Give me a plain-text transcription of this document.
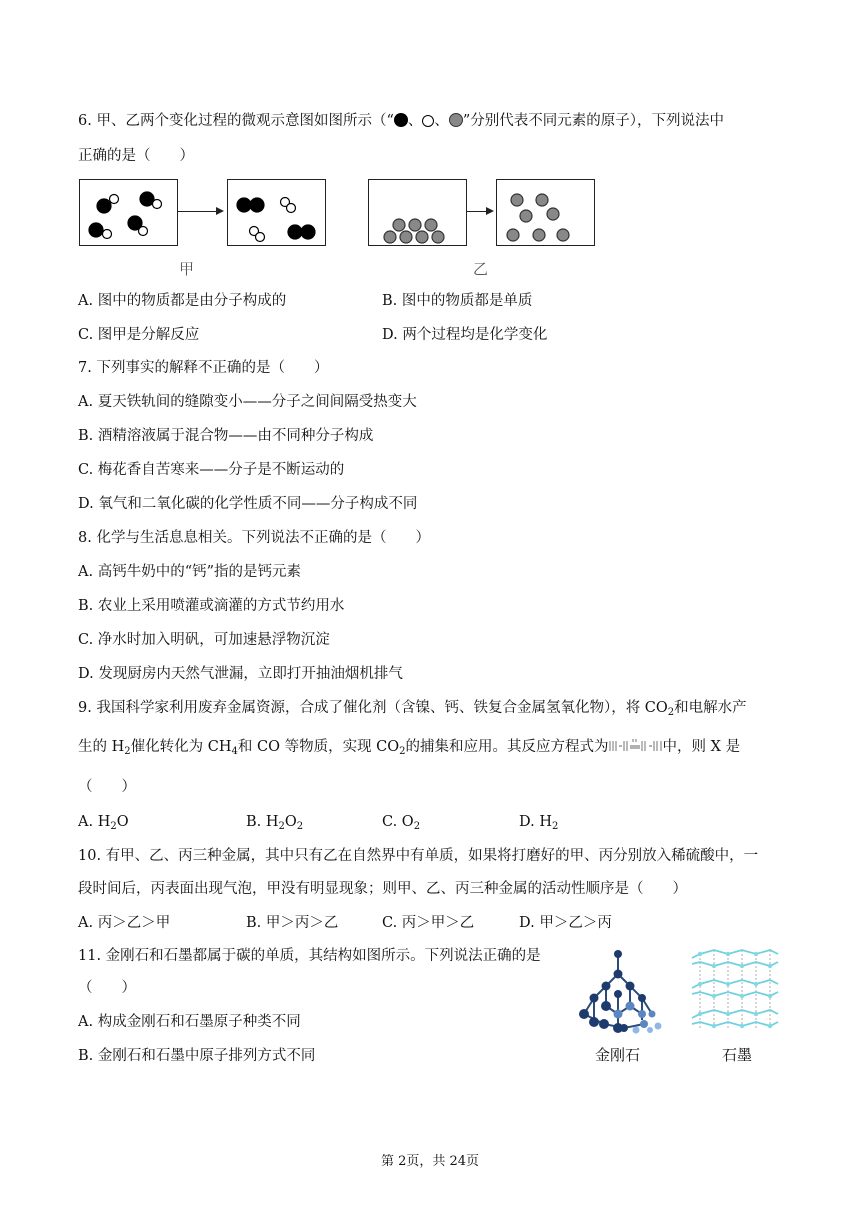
6. 甲、乙两个变化过程的微观示意图如图所示（“ 、 、 ”分别代表不同元素的原子），下列说法中
正确的是（　　）
甲	乙
A. 图中的物质都是由分子构成的	B. 图中的物质都是单质
C. 图甲是分解反应	D. 两个过程均是化学变化
7. 下列事实的解释不正确的是（　　）
A. 夏天铁轨间的缝隙变小——分子之间间隔受热变大
B. 酒精溶液属于混合物——由不同种分子构成
C. 梅花香自苦寒来——分子是不断运动的
D. 氧气和二氧化碳的化学性质不同——分子构成不同
8. 化学与生活息息相关。下列说法不正确的是（　　）
A. 高钙牛奶中的“钙”指的是钙元素
B. 农业上采用喷灌或滴灌的方式节约用水
C. 净水时加入明矾，可加速悬浮物沉淀
D. 发现厨房内天然气泄漏，立即打开抽油烟机排气
9. 我国科学家利用废弃金属资源，合成了催化剂（含镍、钙、铁复合金属氢氧化物），将 $CO_2$和电解水产
生的 $H_2$催化转化为 $CH_4$和 CO 等物质，实现 $CO_2$的捕集和应用。其反应方程式为	中，则 X 是
（　　）
A. $H_2O$	B. $H_2O_2$	C. $O_2$	D. $H_2$
10. 有甲、乙、丙三种金属，其中只有乙在自然界中有单质，如果将打磨好的甲、丙分别放入稀硫酸中，一
段时间后，丙表面出现气泡，甲没有明显现象；则甲、乙、丙三种金属的活动性顺序是（　　）
A. 丙＞乙＞甲	B. 甲＞丙＞乙	C. 丙＞甲＞乙	D. 甲＞乙＞丙
11. 金刚石和石墨都属于碳的单质，其结构如图所示。下列说法正确的是
（　　）
A. 构成金刚石和石墨原子种类不同
B. 金刚石和石墨中原子排列方式不同	金刚石	石墨
第 2页，共 24页
